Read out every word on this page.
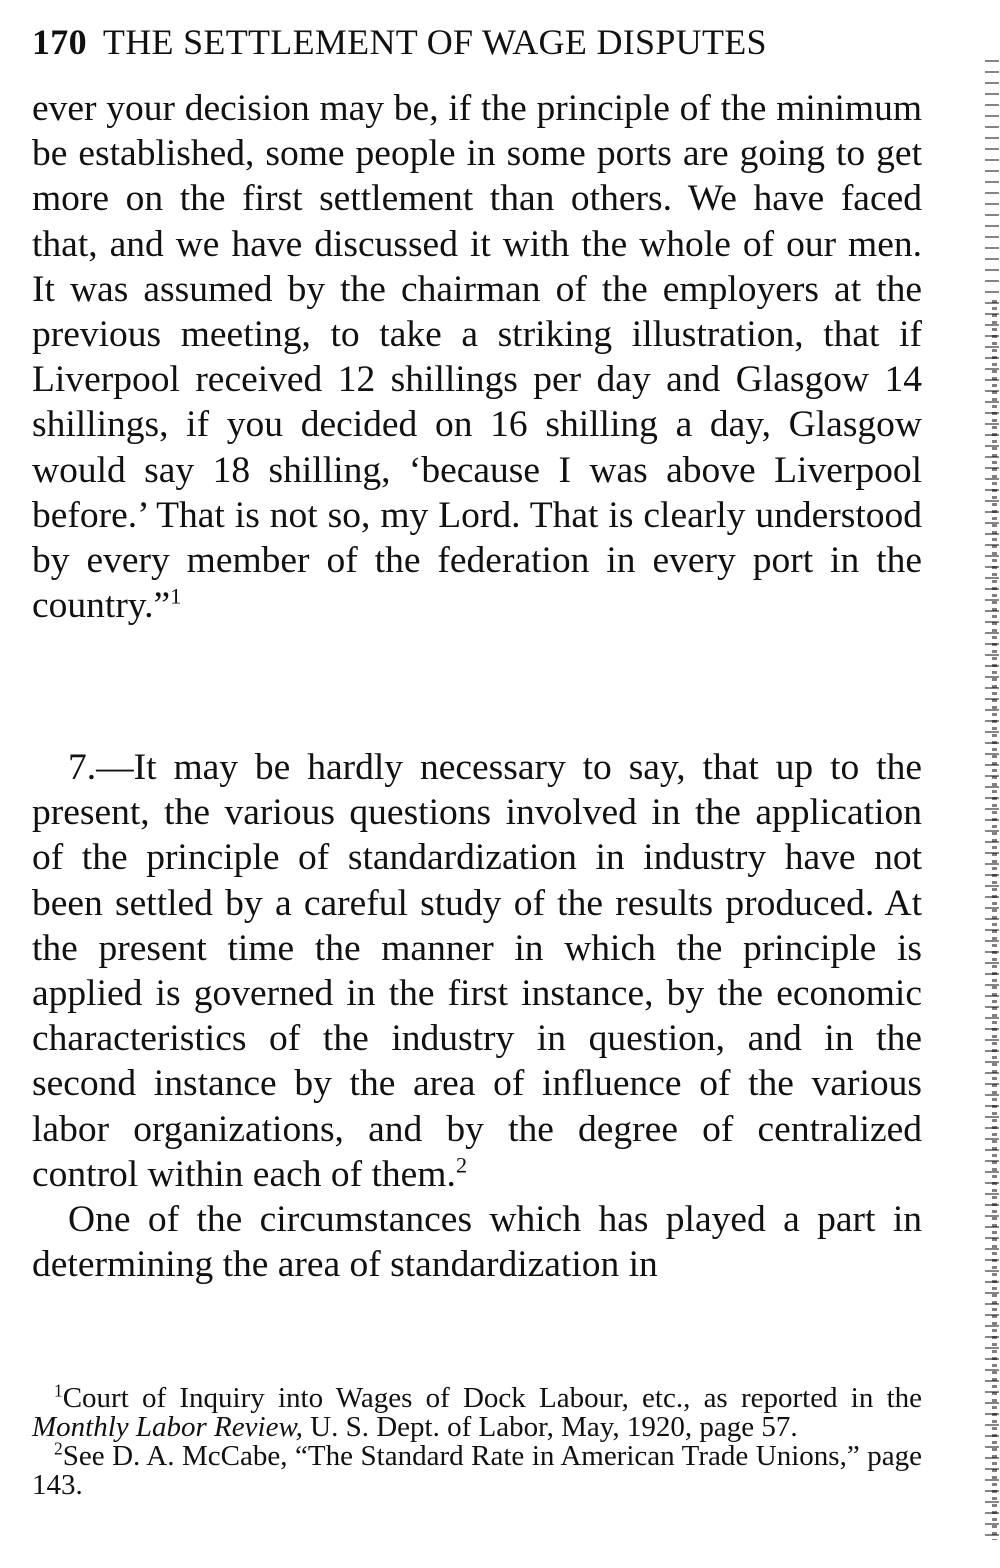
170 THE SETTLEMENT OF WAGE DISPUTES
ever your decision may be, if the principle of the minimum be established, some people in some ports are going to get more on the first settlement than others. We have faced that, and we have discussed it with the whole of our men. It was assumed by the chairman of the employers at the previous meeting, to take a striking illustration, that if Liverpool received 12 shillings per day and Glasgow 14 shillings, if you decided on 16 shilling a day, Glasgow would say 18 shilling, ‘because I was above Liverpool before.’ That is not so, my Lord. That is clearly understood by every member of the federation in every port in the country.”$^1$
7.—It may be hardly necessary to say, that up to the present, the various questions involved in the application of the principle of standardization in industry have not been settled by a careful study of the results produced. At the present time the manner in which the principle is applied is governed in the first instance, by the economic characteristics of the industry in question, and in the second instance by the area of influence of the various labor organizations, and by the degree of centralized control within each of them.$^2$
One of the circumstances which has played a part in determining the area of standardization in
$^1$Court of Inquiry into Wages of Dock Labour, etc., as reported in the Monthly Labor Review, U. S. Dept. of Labor, May, 1920, page 57.
$^2$See D. A. McCabe, “The Standard Rate in American Trade Unions,” page 143.
